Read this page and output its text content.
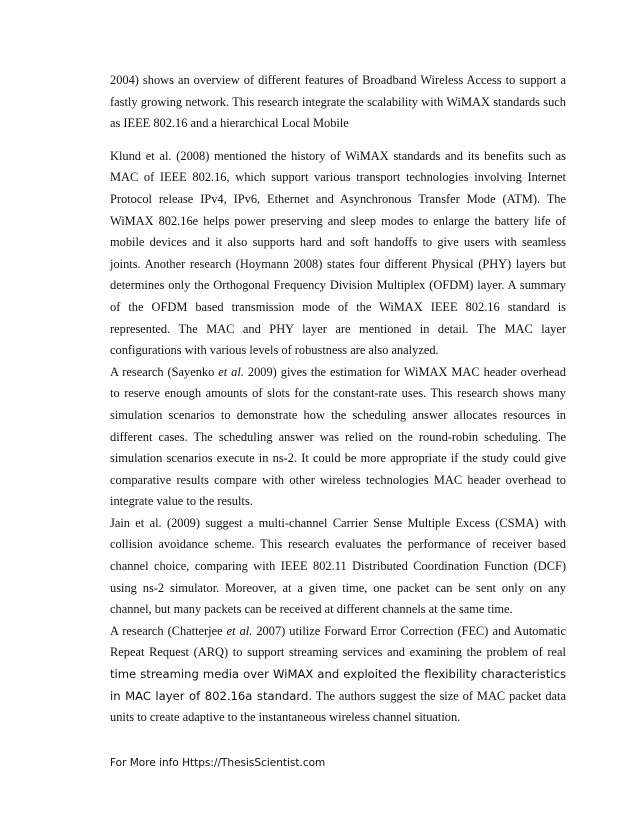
2004) shows an overview of different features of Broadband Wireless Access to support a fastly growing network. This research integrate the scalability with WiMAX standards such as IEEE 802.16 and a hierarchical Local Mobile

Klund et al. (2008) mentioned the history of WiMAX standards and its benefits such as MAC of IEEE 802.16, which support various transport technologies involving Internet Protocol release IPv4, IPv6, Ethernet and Asynchronous Transfer Mode (ATM). The WiMAX 802.16e helps power preserving and sleep modes to enlarge the battery life of mobile devices and it also supports hard and soft handoffs to give users with seamless joints. Another research (Hoymann 2008) states four different Physical (PHY) layers but determines only the Orthogonal Frequency Division Multiplex (OFDM) layer. A summary of the OFDM based transmission mode of the WiMAX IEEE 802.16 standard is represented. The MAC and PHY layer are mentioned in detail. The MAC layer configurations with various levels of robustness are also analyzed.

A research (Sayenko et al. 2009) gives the estimation for WiMAX MAC header overhead to reserve enough amounts of slots for the constant-rate uses. This research shows many simulation scenarios to demonstrate how the scheduling answer allocates resources in different cases. The scheduling answer was relied on the round-robin scheduling. The simulation scenarios execute in ns-2. It could be more appropriate if the study could give comparative results compare with other wireless technologies MAC header overhead to integrate value to the results.

Jain et al. (2009) suggest a multi-channel Carrier Sense Multiple Excess (CSMA) with collision avoidance scheme. This research evaluates the performance of receiver based channel choice, comparing with IEEE 802.11 Distributed Coordination Function (DCF) using ns-2 simulator. Moreover, at a given time, one packet can be sent only on any channel, but many packets can be received at different channels at the same time.

A research (Chatterjee et al. 2007) utilize Forward Error Correction (FEC) and Automatic Repeat Request (ARQ) to support streaming services and examining the problem of real time streaming media over WiMAX and exploited the flexibility characteristics in MAC layer of 802.16a standard. The authors suggest the size of MAC packet data units to create adaptive to the instantaneous wireless channel situation.

For More info Https://ThesisScientist.com
